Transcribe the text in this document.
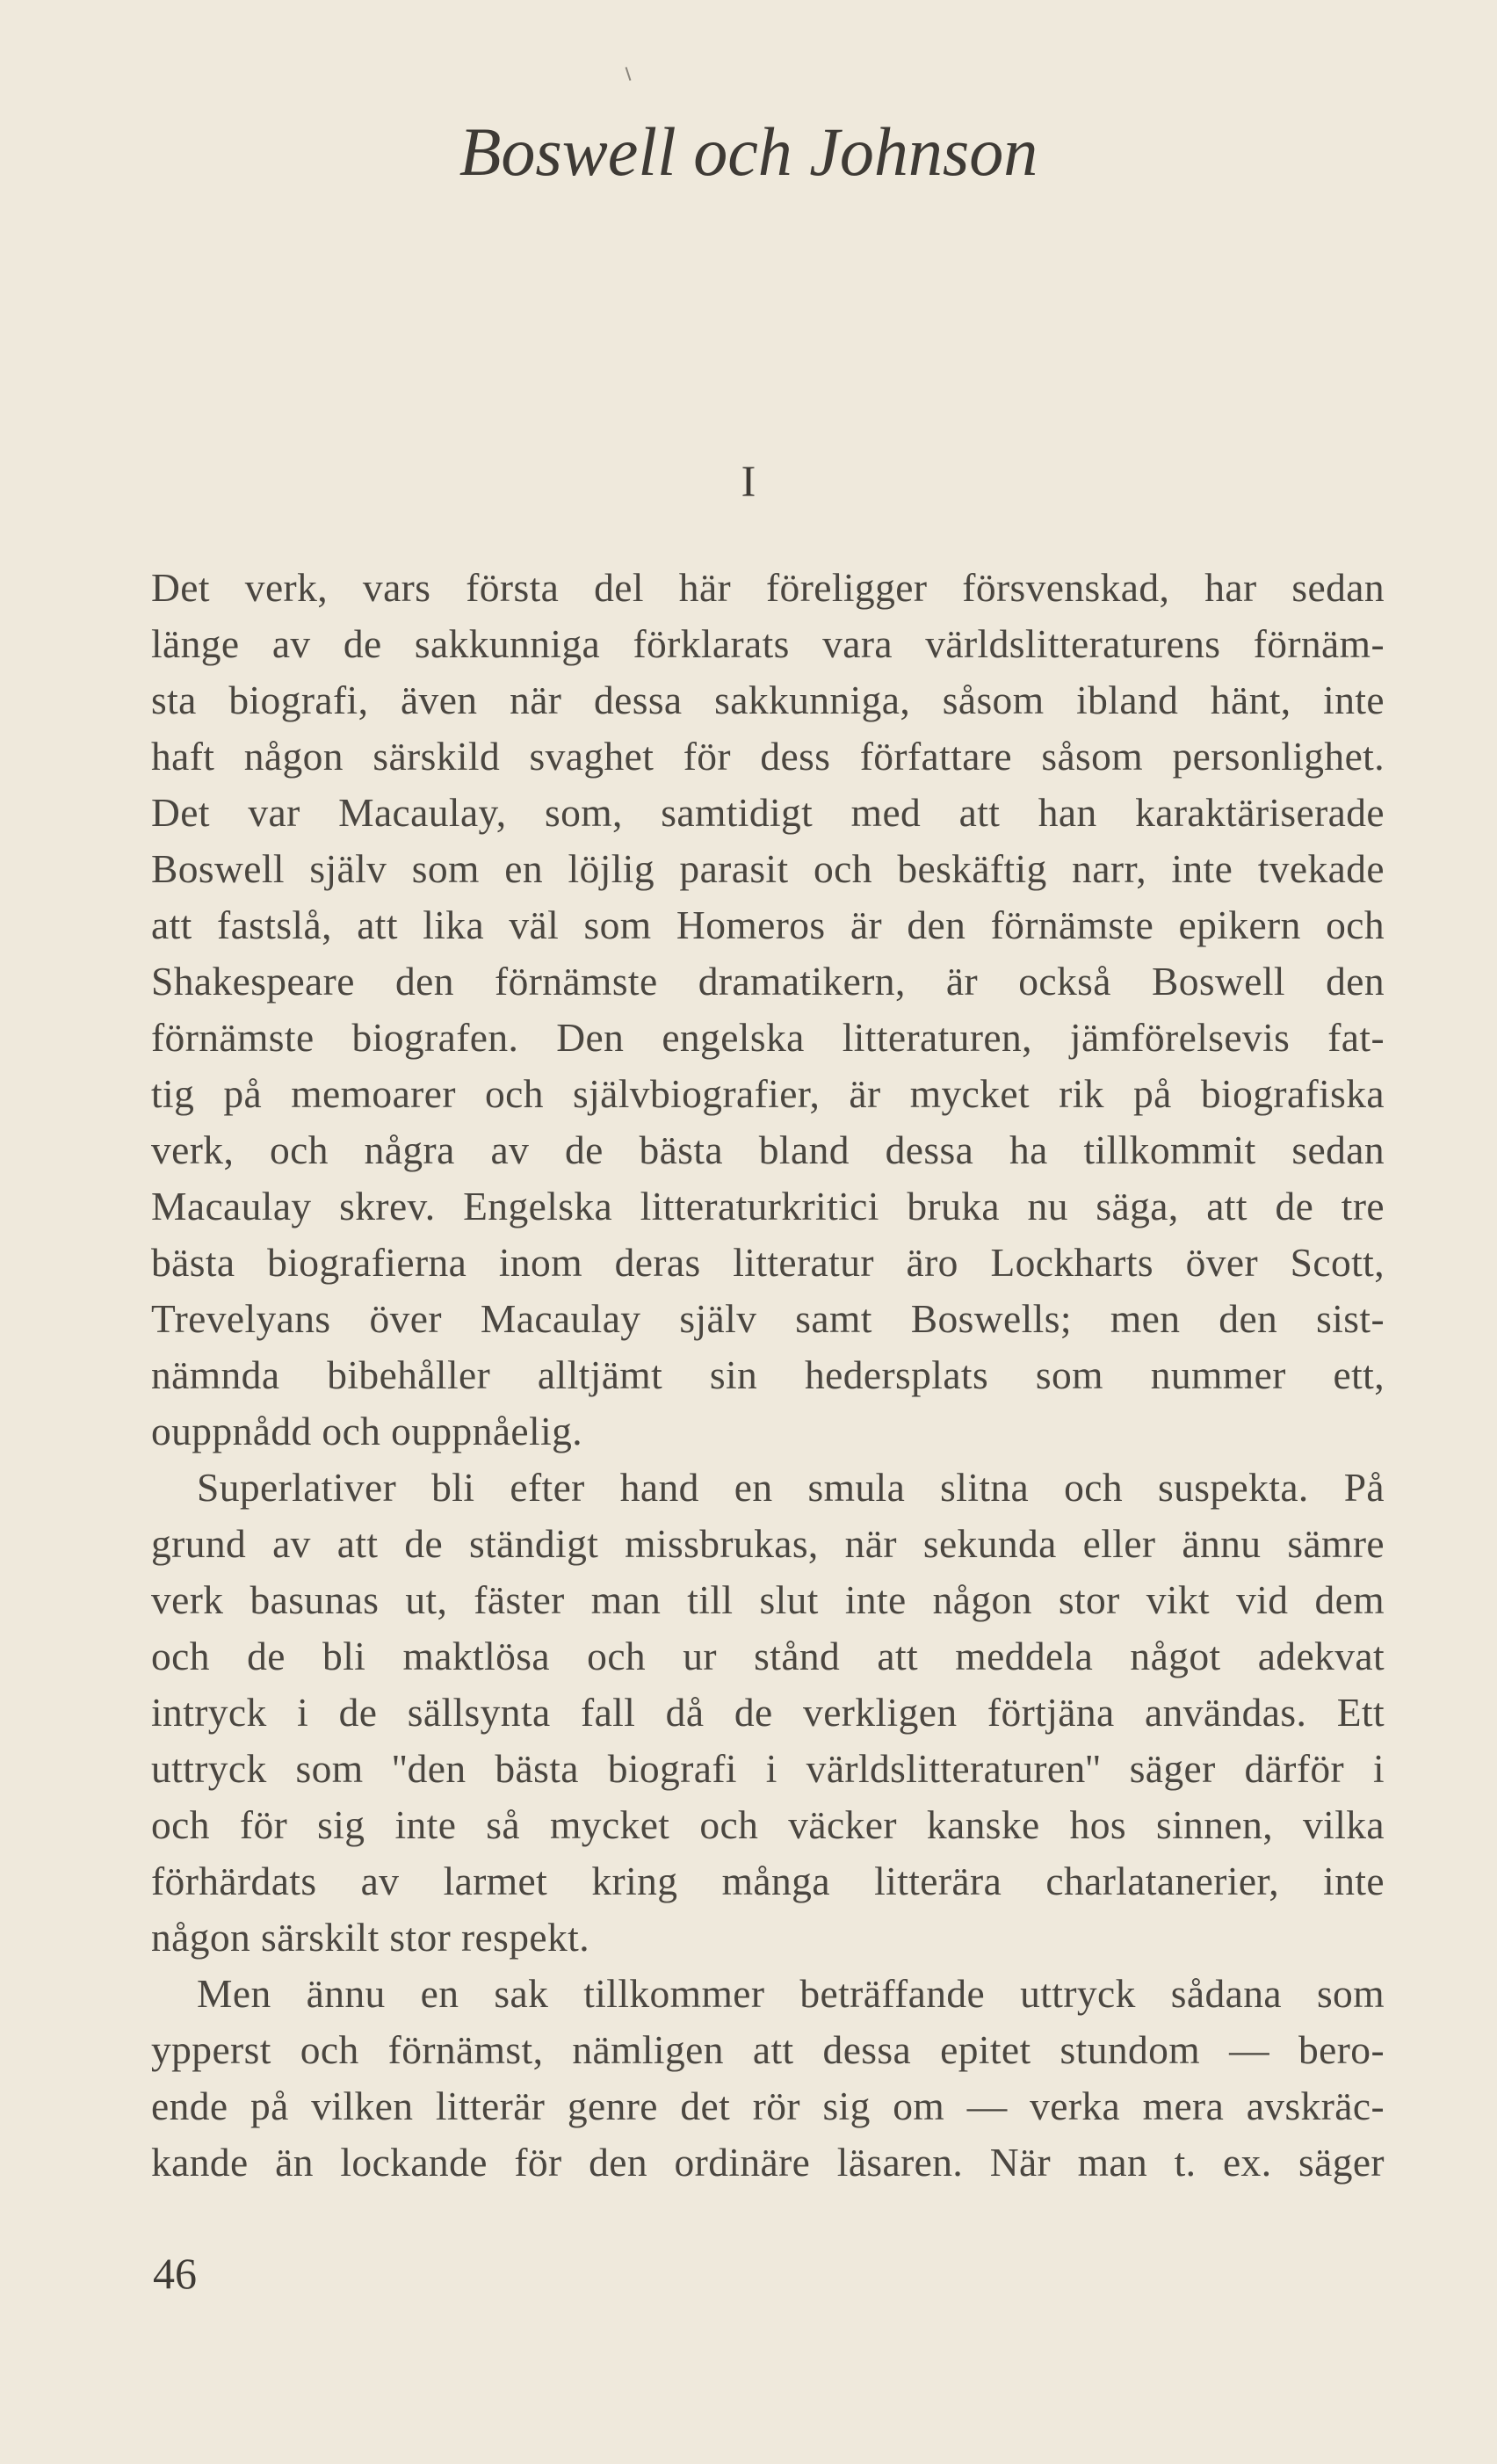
Boswell och Johnson
I
Det verk, vars första del här föreligger försvenskad, har sedan
länge av de sakkunniga förklarats vara världslitteraturens förnäm-
sta biografi, även när dessa sakkunniga, såsom ibland hänt, inte
haft någon särskild svaghet för dess författare såsom personlighet.
Det var Macaulay, som, samtidigt med att han karaktäriserade
Boswell själv som en löjlig parasit och beskäftig narr, inte tvekade
att fastslå, att lika väl som Homeros är den förnämste epikern och
Shakespeare den förnämste dramatikern, är också Boswell den
förnämste biografen. Den engelska litteraturen, jämförelsevis fat-
tig på memoarer och självbiografier, är mycket rik på biografiska
verk, och några av de bästa bland dessa ha tillkommit sedan
Macaulay skrev. Engelska litteraturkritici bruka nu säga, att de tre
bästa biografierna inom deras litteratur äro Lockharts över Scott,
Trevelyans över Macaulay själv samt Boswells; men den sist-
nämnda bibehåller alltjämt sin hedersplats som nummer ett,
ouppnådd och ouppnåelig.
Superlativer bli efter hand en smula slitna och suspekta. På
grund av att de ständigt missbrukas, när sekunda eller ännu sämre
verk basunas ut, fäster man till slut inte någon stor vikt vid dem
och de bli maktlösa och ur stånd att meddela något adekvat
intryck i de sällsynta fall då de verkligen förtjäna användas. Ett
uttryck som ''den bästa biografi i världslitteraturen'' säger därför i
och för sig inte så mycket och väcker kanske hos sinnen, vilka
förhärdats av larmet kring många litterära charlatanerier, inte
någon särskilt stor respekt.
Men ännu en sak tillkommer beträffande uttryck sådana som
ypperst och förnämst, nämligen att dessa epitet stundom — bero-
ende på vilken litterär genre det rör sig om — verka mera avskräc-
kande än lockande för den ordinäre läsaren. När man t. ex. säger
46
